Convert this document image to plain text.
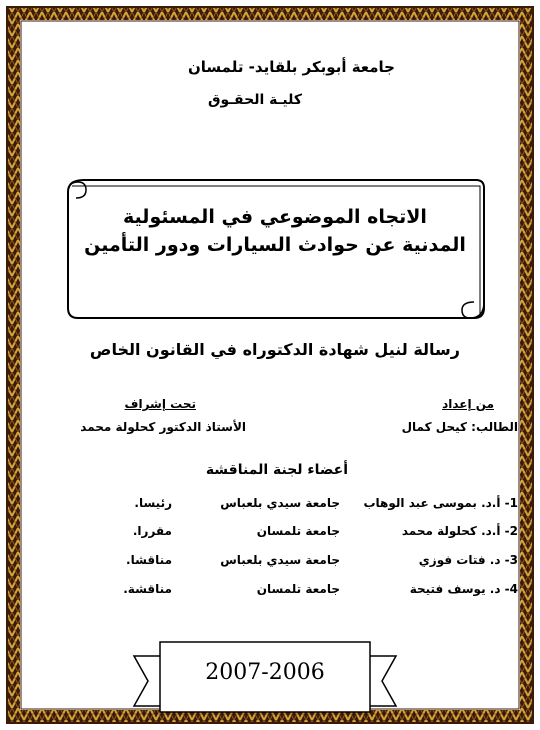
جامعة أبوبكر بلقايد- تلمسان
كليـة الحقـوق
الاتجاه الموضوعي في المسئولية
المدنية عن حوادث السيارات ودور التأمين
رسالة لنيل شهادة الدكتوراه في القانون الخاص
من إعداد
الطالب: كيحل كمال
تحت إشراف
الأستاذ الدكتور كحلولة محمد
أعضاء لجنة المناقشة
1- أ.د. بموسى عبد الوهاب
جامعة سيدي بلعباس
رئيسا.
2- أ.د. كحلولة محمد
جامعة تلمسان
مقررا.
3- د. فتات فوزي
جامعة سيدي بلعباس
مناقشا.
4- د. يوسف فتيحة
جامعة تلمسان
مناقشة.
2007-2006
